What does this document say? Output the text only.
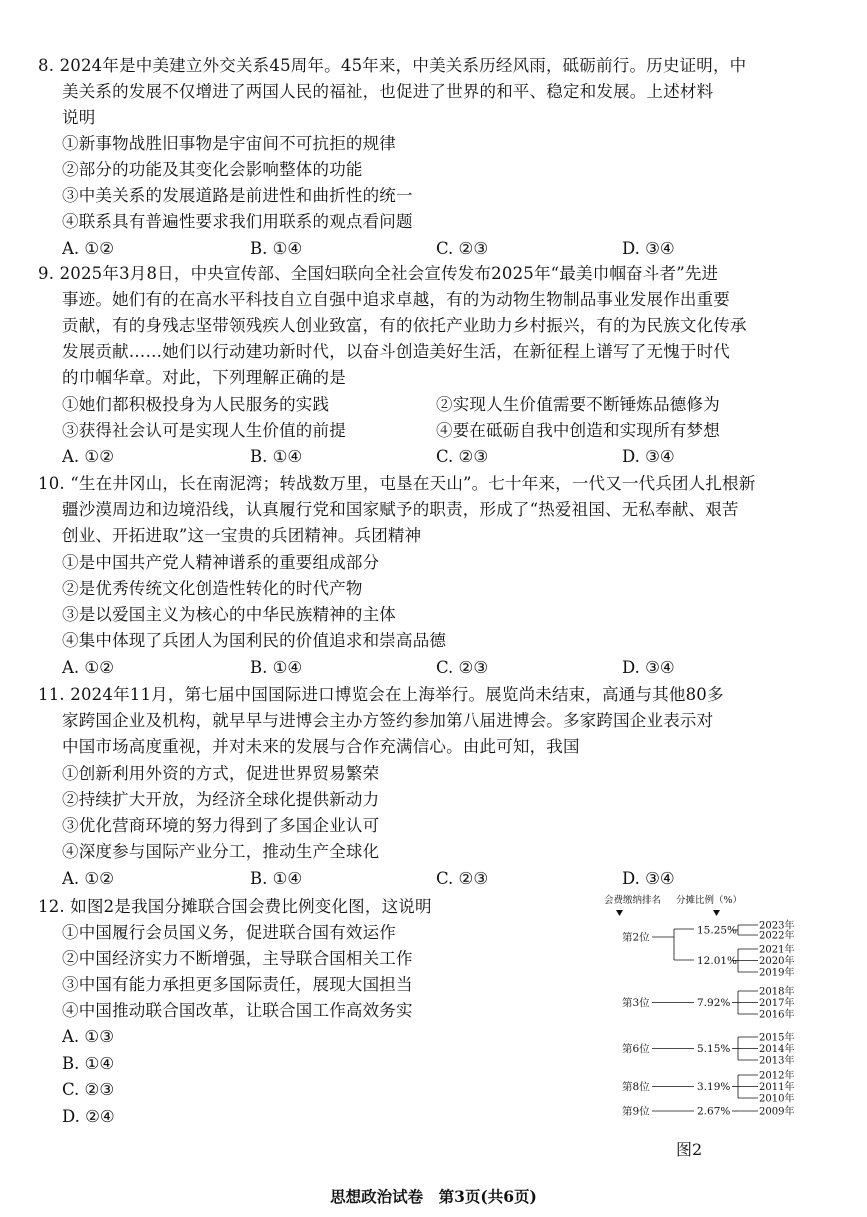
8. 2024年是中美建立外交关系45周年。45年来，中美关系历经风雨，砥砺前行。历史证明，中
美关系的发展不仅增进了两国人民的福祉，也促进了世界的和平、稳定和发展。上述材料
说明
①新事物战胜旧事物是宇宙间不可抗拒的规律
②部分的功能及其变化会影响整体的功能
③中美关系的发展道路是前进性和曲折性的统一
④联系具有普遍性要求我们用联系的观点看问题
A. ①②	B. ①④	C. ②③	D. ③④
9. 2025年3月8日，中央宣传部、全国妇联向全社会宣传发布2025年“最美巾帼奋斗者”先进
事迹。她们有的在高水平科技自立自强中追求卓越，有的为动物生物制品事业发展作出重要
贡献，有的身残志坚带领残疾人创业致富，有的依托产业助力乡村振兴，有的为民族文化传承
发展贡献……她们以行动建功新时代，以奋斗创造美好生活，在新征程上谱写了无愧于时代
的巾帼华章。对此，下列理解正确的是
①她们都积极投身为人民服务的实践	②实现人生价值需要不断锤炼品德修为
③获得社会认可是实现人生价值的前提	④要在砥砺自我中创造和实现所有梦想
A. ①②	B. ①④	C. ②③	D. ③④
10. “生在井冈山，长在南泥湾；转战数万里，屯垦在天山”。七十年来，一代又一代兵团人扎根新
疆沙漠周边和边境沿线，认真履行党和国家赋予的职责，形成了“热爱祖国、无私奉献、艰苦
创业、开拓进取”这一宝贵的兵团精神。兵团精神
①是中国共产党人精神谱系的重要组成部分
②是优秀传统文化创造性转化的时代产物
③是以爱国主义为核心的中华民族精神的主体
④集中体现了兵团人为国利民的价值追求和崇高品德
A. ①②	B. ①④	C. ②③	D. ③④
11. 2024年11月，第七届中国国际进口博览会在上海举行。展览尚未结束，高通与其他80多
家跨国企业及机构，就早早与进博会主办方签约参加第八届进博会。多家跨国企业表示对
中国市场高度重视，并对未来的发展与合作充满信心。由此可知，我国
①创新利用外资的方式，促进世界贸易繁荣
②持续扩大开放，为经济全球化提供新动力
③优化营商环境的努力得到了多国企业认可
④深度参与国际产业分工，推动生产全球化
A. ①②	B. ①④	C. ②③	D. ③④
12. 如图2是我国分摊联合国会费比例变化图，这说明
①中国履行会员国义务，促进联合国有效运作
②中国经济实力不断增强，主导联合国相关工作
③中国有能力承担更多国际责任，展现大国担当
④中国推动联合国改革，让联合国工作高效务实
A. ①③
B. ①④
C. ②③
D. ②④
会费缴纳排名 分摊比例（%）
15.25% 2023年
2022年
12.01%
2021年
2020年
2019年
7.92%
第3位
2018年
2017年
2016年
5.15%
第6位
2015年
2014年
2013年
3.19%
第8位
2012年
2011年
2010年
2.67%
第9位	2009年
第2位
图2
思想政治试卷　第3页(共6页)
